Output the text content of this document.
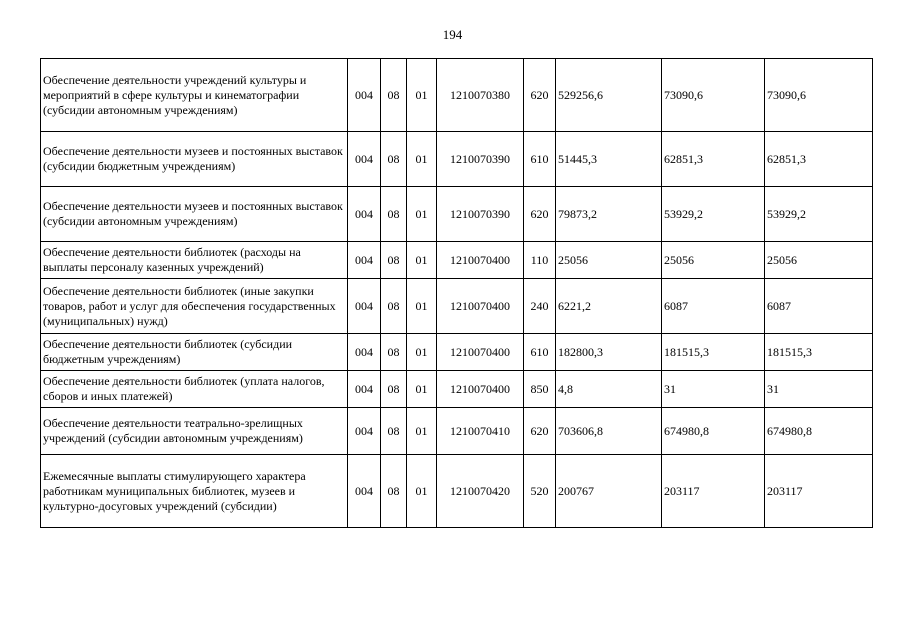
194
Обеспечение деятельности учреждений культуры и мероприятий в сфере культуры и кинематографии (субсидии автономным учреждениям)	004	08	01	1210070380	620	529256,6	73090,6	73090,6
Обеспечение деятельности музеев и постоянных выставок (субсидии бюджетным учреждениям)	004	08	01	1210070390	610	51445,3	62851,3	62851,3
Обеспечение деятельности музеев и постоянных выставок (субсидии автономным учреждениям)	004	08	01	1210070390	620	79873,2	53929,2	53929,2
Обеспечение деятельности библиотек (расходы на выплаты персоналу казенных учреждений)	004	08	01	1210070400	110	25056	25056	25056
Обеспечение деятельности библиотек (иные закупки товаров, работ и услуг для обеспечения государственных (муниципальных) нужд)	004	08	01	1210070400	240	6221,2	6087	6087
Обеспечение деятельности библиотек (субсидии бюджетным учреждениям)	004	08	01	1210070400	610	182800,3	181515,3	181515,3
Обеспечение деятельности библиотек (уплата налогов, сборов и иных платежей)	004	08	01	1210070400	850	4,8	31	31
Обеспечение деятельности театрально-зрелищных учреждений (субсидии автономным учреждениям)	004	08	01	1210070410	620	703606,8	674980,8	674980,8
Ежемесячные выплаты стимулирующего характера работникам муниципальных библиотек, музеев и культурно-досуговых учреждений (субсидии)	004	08	01	1210070420	520	200767	203117	203117
